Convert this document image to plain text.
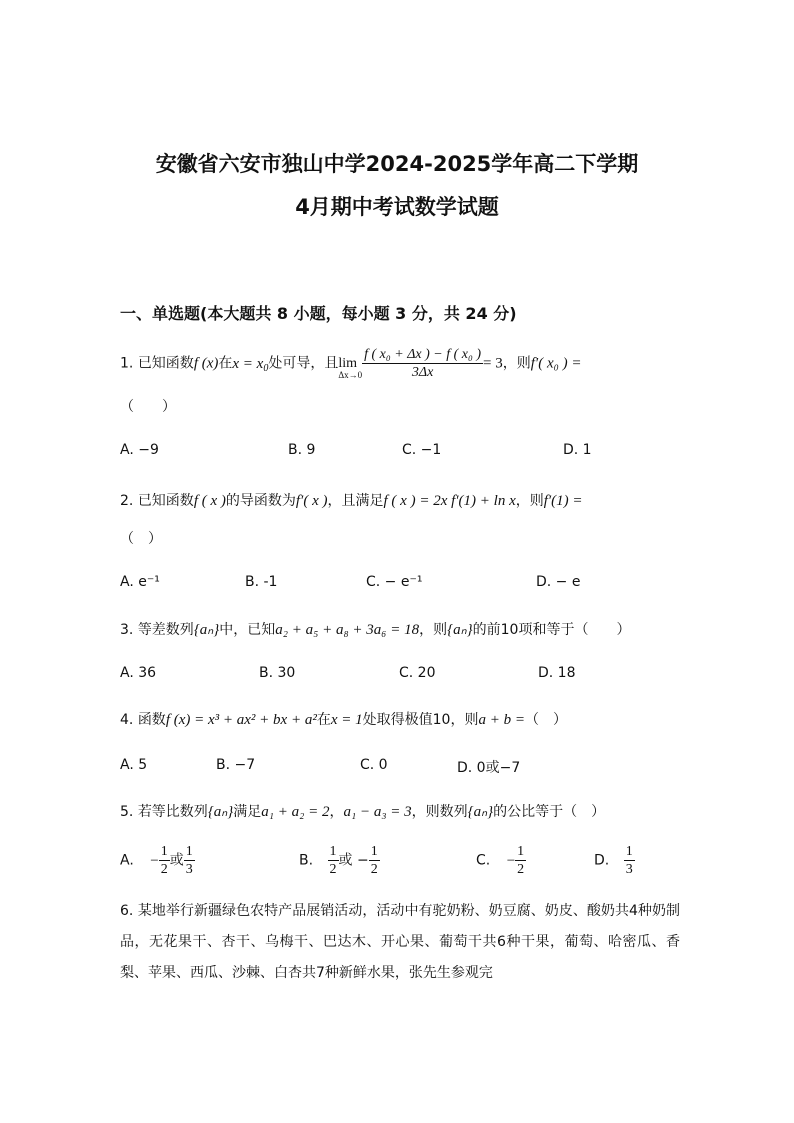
安徽省六安市独山中学2024-2025学年高二下学期
4月期中考试数学试题
一、单选题(本大题共 8 小题，每小题 3 分，共 24 分)
1. 已知函数f (x)在$x = x_0$处可导，且 lim
$\Delta x\to 0 \frac{\text{f ( x₀ + Δx ) − f ( x₀ )}}{3\Delta x} = 3$，则f′( x₀ ) =
（　　）
A. −9	B. 9	C. −1	D. 1
2. 已知函数f ( x )的导函数为f′( x )，且满足f ( x ) = 2x f′(1) + ln x，则f′(1) =
（　）
A. e⁻¹	B. -1	C. − e⁻¹	D. − e
3. 等差数列{aₙ}中，已知a₂ + a₅ + a₈ + 3a₆ = 18，则{aₙ}的前10项和等于（　　）
A. 36	B. 30	C. 20	D. 18
4. 函数f (x) = x³ + ax² + bx + a²在x = 1处取得极值10，则a + b =（　）
A. 5	B. −7	C. 0	D. 0或−7
5. 若等比数列{aₙ}满足a₁ + a₂ = 2，a₁ − a₃ = 3，则数列{aₙ}的公比等于（　）
A. − $\frac{1}{2}$ 或 $\frac{1}{3}$	B. $\frac{1}{2}$ 或 − $\frac{1}{2}$	C. − $\frac{1}{2}$	D. $\frac{1}{3}$
6. 某地举行新疆绿色农特产品展销活动，活动中有驼奶粉、奶豆腐、奶皮、酸奶共4种奶制品，无花果干、杏干、乌梅干、巴达木、开心果、葡萄干共6种干果，葡萄、哈密瓜、香梨、苹果、西瓜、沙棘、白杏共7种新鲜水果，张先生参观完
